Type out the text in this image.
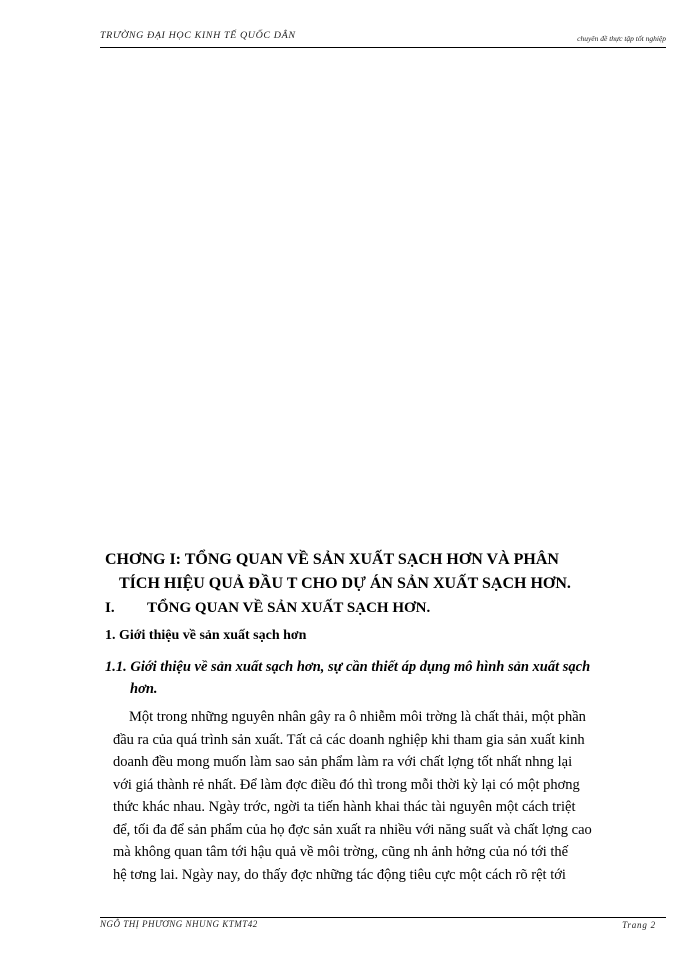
TRƯỜNG ĐẠI HỌC KINH TẾ QUỐC DÂN	chuyên đề thực tập tốt nghiệp
CHƠNG I: TỔNG QUAN VỀ SẢN XUẤT SẠCH HƠN VÀ PHÂN
TÍCH HIỆU QUẢ ĐẦU T CHO DỰ ÁN SẢN XUẤT SẠCH HƠN.
I. TỔNG QUAN VỀ SẢN XUẤT SẠCH HƠN.
1. Giới thiệu về sản xuất sạch hơn
1.1. Giới thiệu về sản xuất sạch hơn, sự cần thiết áp dụng mô hình sản xuất sạch
hơn.
Một trong những nguyên nhân gây ra ô nhiễm môi trờng là chất thải, một phần
đầu ra của quá trình sản xuất. Tất cả các doanh nghiệp khi tham gia sản xuất kinh
doanh đều mong muốn làm sao sản phẩm làm ra với chất lợng tốt nhất nhng lại
với giá thành rẻ nhất. Để làm đợc điều đó thì trong mỗi thời kỳ lại có một phơng
thức khác nhau. Ngày trớc, ngời ta tiến hành khai thác tài nguyên một cách triệt
để, tối đa để sản phẩm của họ đợc sản xuất ra nhiều với năng suất và chất lợng cao
mà không quan tâm tới hậu quả về môi trờng, cũng nh ảnh hởng của nó tới thế
hệ tơng lai. Ngày nay, do thấy đợc những tác động tiêu cực một cách rõ rệt tới
NGÔ THỊ PHƯƠNG NHUNG KTMT42	Trang 2
